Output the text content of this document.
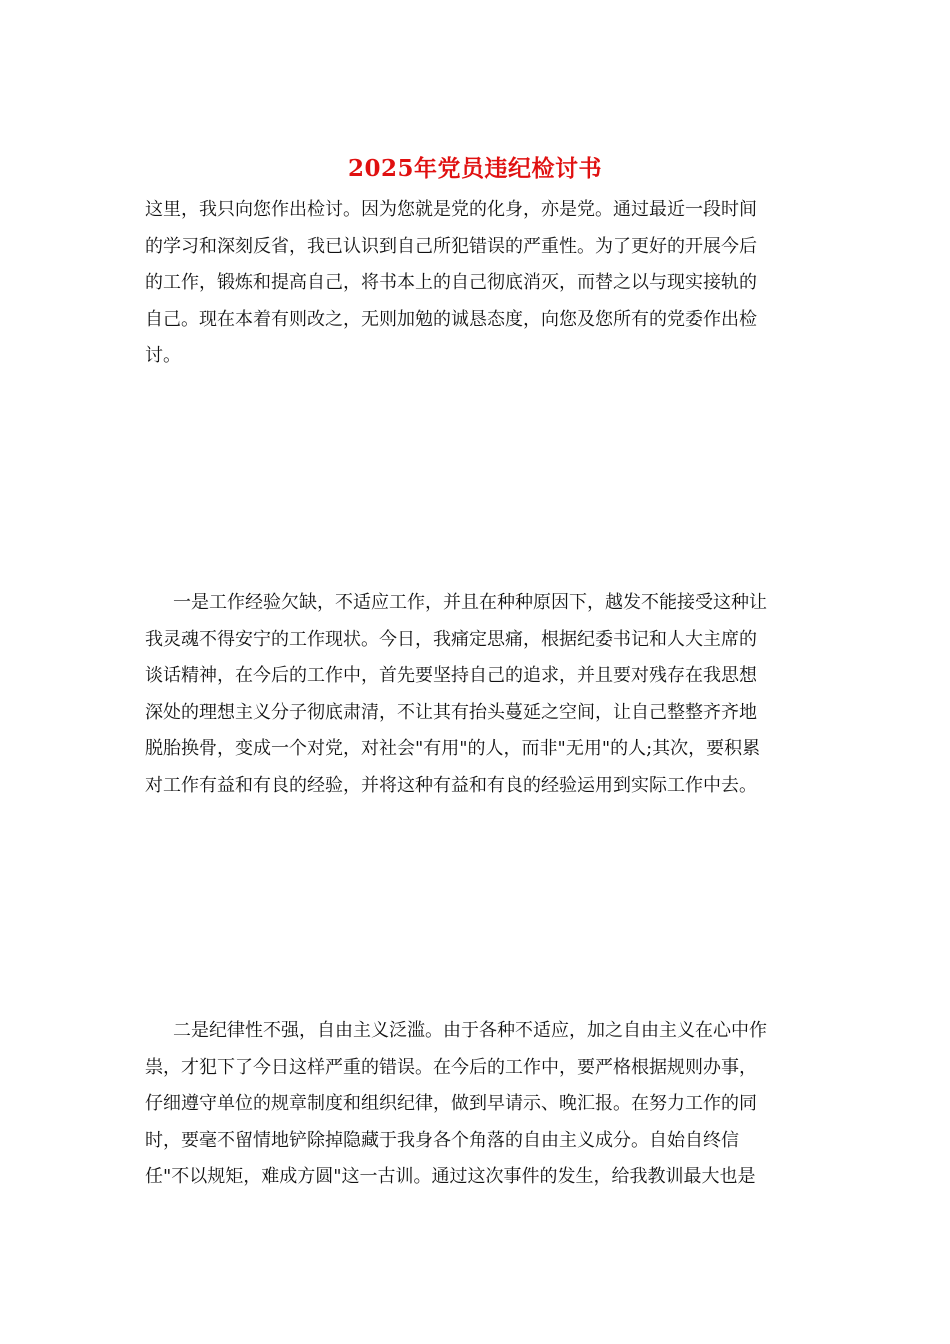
2025年党员违纪检讨书
这里，我只向您作出检讨。因为您就是党的化身，亦是党。通过最近一段时间
的学习和深刻反省，我已认识到自己所犯错误的严重性。为了更好的开展今后
的工作，锻炼和提高自己，将书本上的自己彻底消灭，而替之以与现实接轨的
自己。现在本着有则改之，无则加勉的诚恳态度，向您及您所有的党委作出检
讨。
一是工作经验欠缺，不适应工作，并且在种种原因下，越发不能接受这种让
我灵魂不得安宁的工作现状。今日，我痛定思痛，根据纪委书记和人大主席的
谈话精神，在今后的工作中，首先要坚持自己的追求，并且要对残存在我思想
深处的理想主义分子彻底肃清，不让其有抬头蔓延之空间，让自己整整齐齐地
脱胎换骨，变成一个对党，对社会"有用"的人，而非"无用"的人;其次，要积累
对工作有益和有良的经验，并将这种有益和有良的经验运用到实际工作中去。
二是纪律性不强，自由主义泛滥。由于各种不适应，加之自由主义在心中作
祟，才犯下了今日这样严重的错误。在今后的工作中，要严格根据规则办事，
仔细遵守单位的规章制度和组织纪律，做到早请示、晚汇报。在努力工作的同
时，要毫不留情地铲除掉隐藏于我身各个角落的自由主义成分。自始自终信
任"不以规矩，难成方圆"这一古训。通过这次事件的发生，给我教训最大也是
